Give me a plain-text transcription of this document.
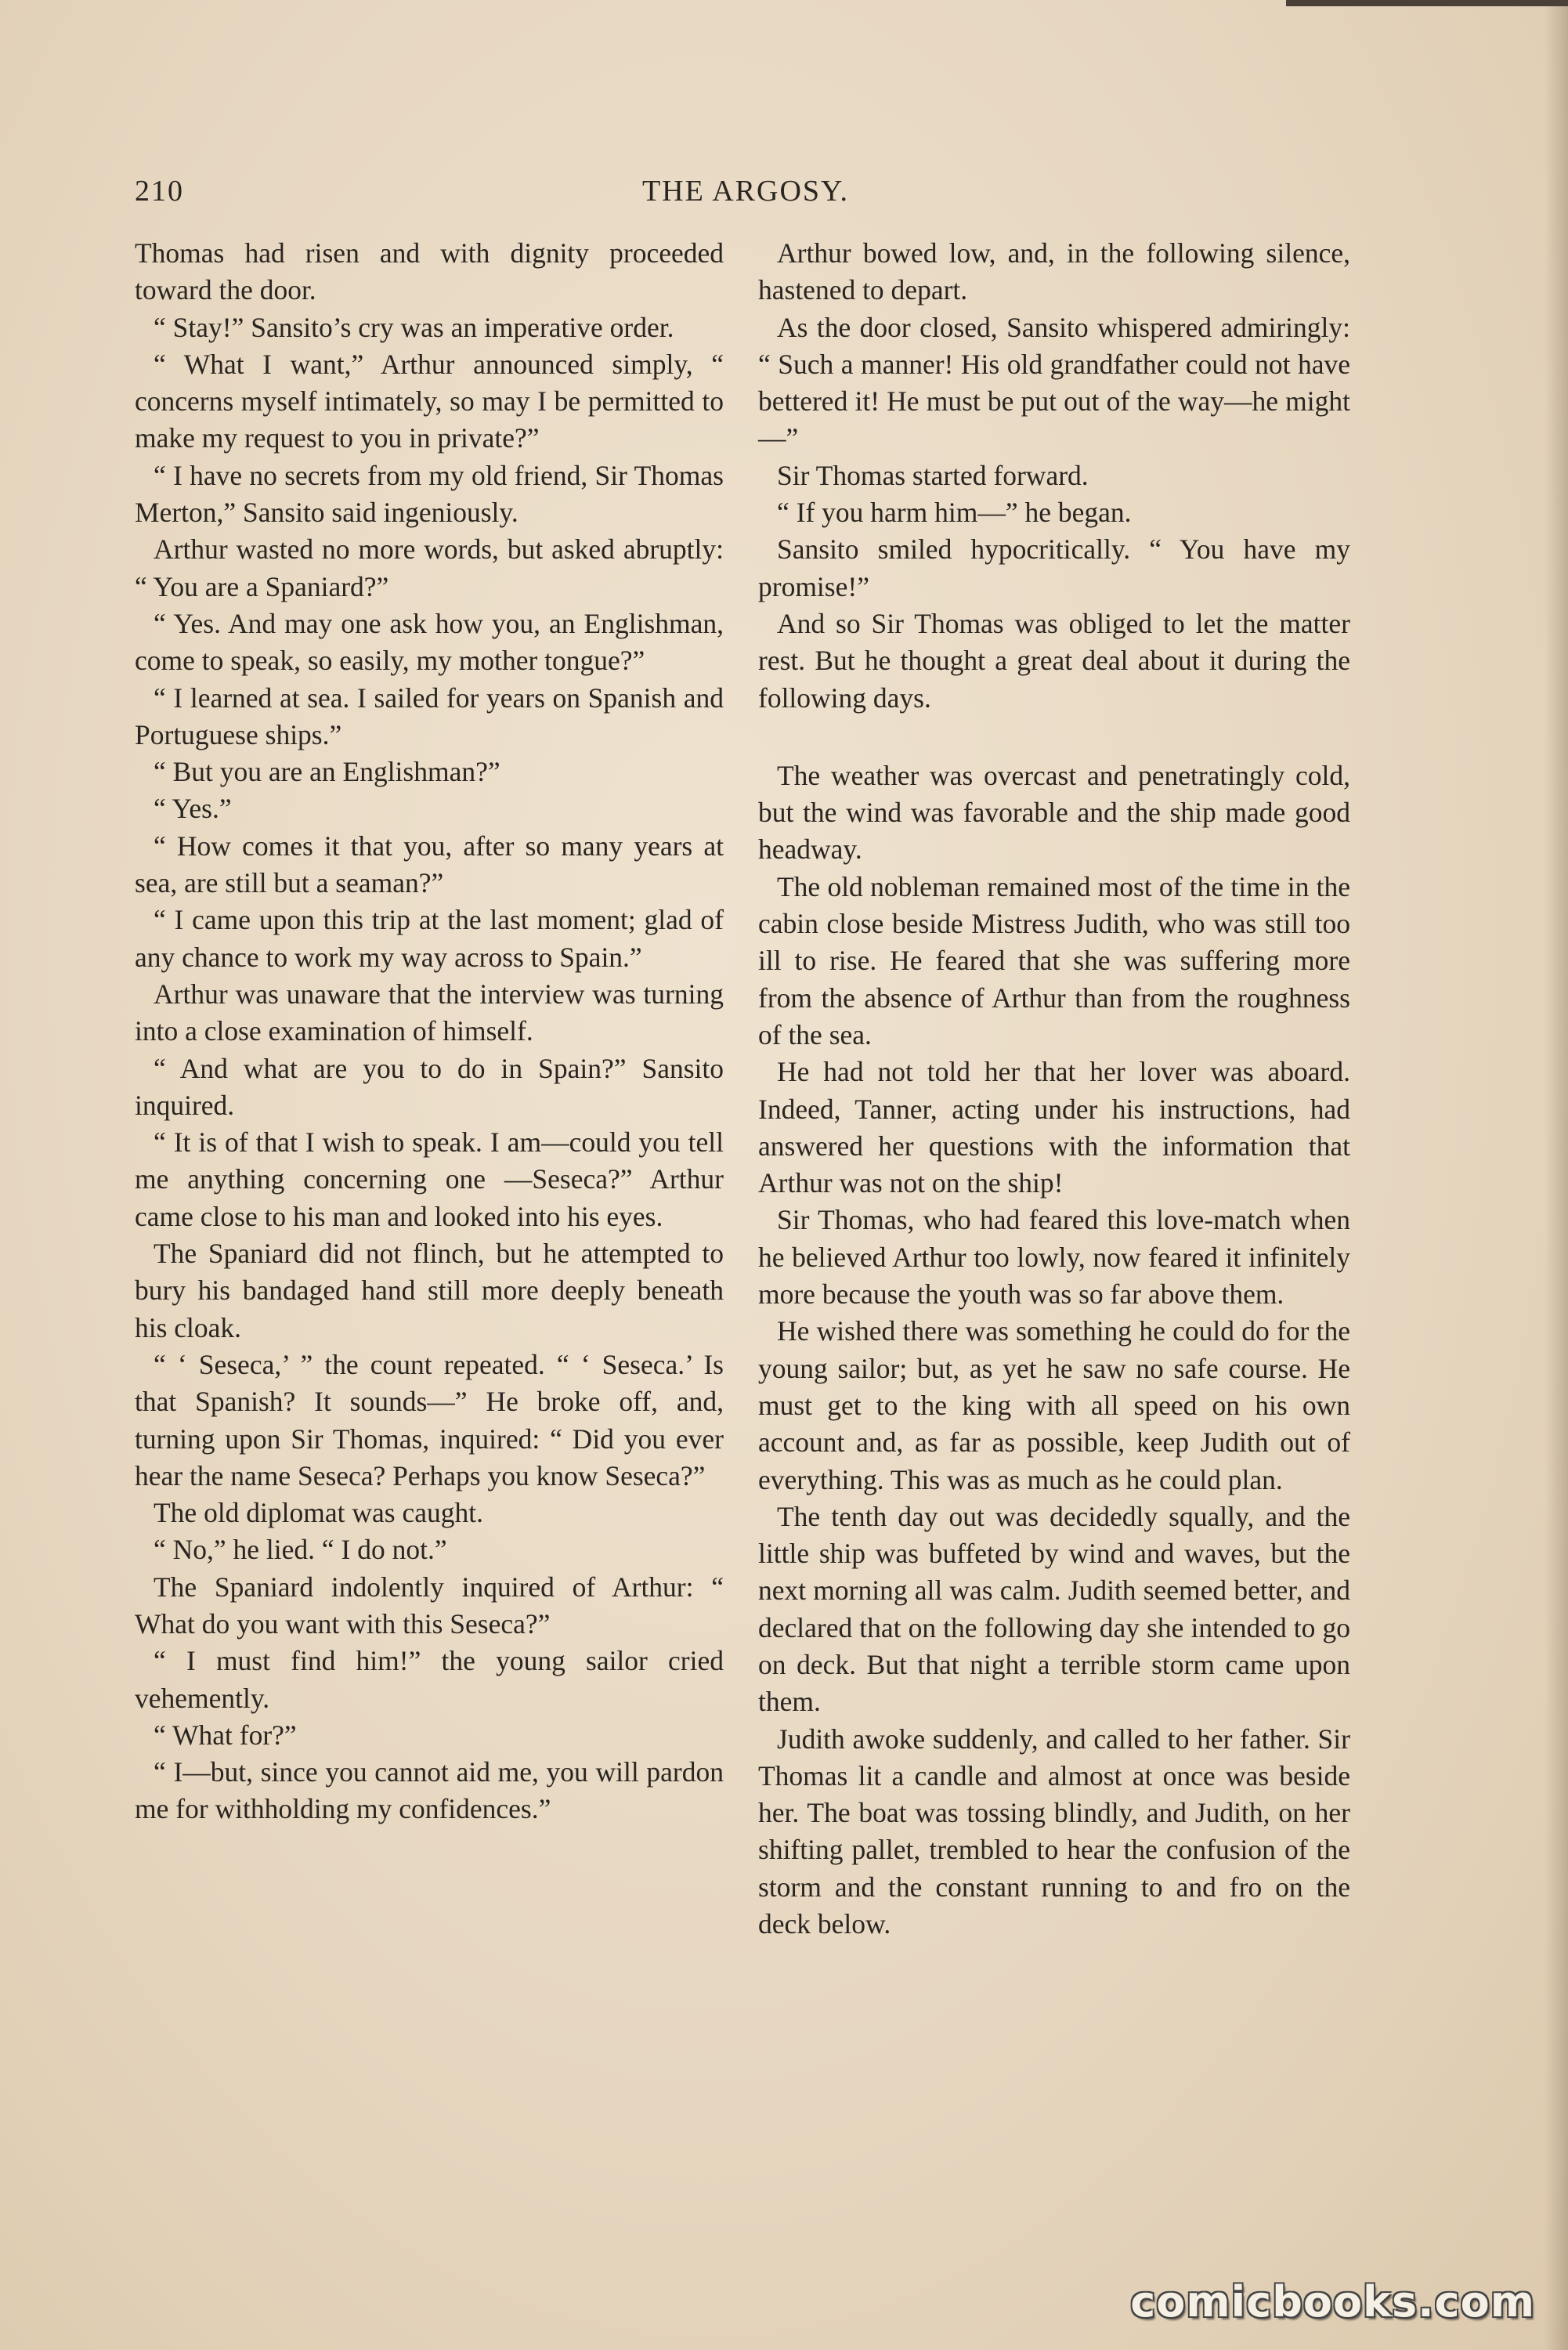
210	THE ARGOSY.

Thomas had risen and with dignity proceeded toward the door.

“ Stay!” Sansito’s cry was an imperative order.

“ What I want,” Arthur announced simply, “ concerns myself intimately, so may I be permitted to make my request to you in private?”

“ I have no secrets from my old friend, Sir Thomas Merton,” Sansito said ingeniously.

Arthur wasted no more words, but asked abruptly: “ You are a Spaniard?”

“ Yes. And may one ask how you, an Englishman, come to speak, so easily, my mother tongue?”

“ I learned at sea. I sailed for years on Spanish and Portuguese ships.”

“ But you are an Englishman?”

“ Yes.”

“ How comes it that you, after so many years at sea, are still but a seaman?”

“ I came upon this trip at the last moment; glad of any chance to work my way across to Spain.”

Arthur was unaware that the interview was turning into a close examination of himself.

“ And what are you to do in Spain?” Sansito inquired.

“ It is of that I wish to speak. I am—could you tell me anything concerning one —Seseca?” Arthur came close to his man and looked into his eyes.

The Spaniard did not flinch, but he attempted to bury his bandaged hand still more deeply beneath his cloak.

“ ‘ Seseca,’ ” the count repeated. “ ‘ Seseca.’ Is that Spanish? It sounds—” He broke off, and, turning upon Sir Thomas, inquired: “ Did you ever hear the name Seseca? Perhaps you know Seseca?”

The old diplomat was caught.

“ No,” he lied. “ I do not.”

The Spaniard indolently inquired of Arthur: “ What do you want with this Seseca?”

“ I must find him!” the young sailor cried vehemently.

“ What for?”

“ I—but, since you cannot aid me, you will pardon me for withholding my confidences.”

Arthur bowed low, and, in the following silence, hastened to depart.

As the door closed, Sansito whispered admiringly: “ Such a manner! His old grandfather could not have bettered it! He must be put out of the way—he might—”

Sir Thomas started forward.

“ If you harm him—” he began.

Sansito smiled hypocritically. “ You have my promise!”

And so Sir Thomas was obliged to let the matter rest. But he thought a great deal about it during the following days.

The weather was overcast and penetratingly cold, but the wind was favorable and the ship made good headway.

The old nobleman remained most of the time in the cabin close beside Mistress Judith, who was still too ill to rise. He feared that she was suffering more from the absence of Arthur than from the roughness of the sea.

He had not told her that her lover was aboard. Indeed, Tanner, acting under his instructions, had answered her questions with the information that Arthur was not on the ship!

Sir Thomas, who had feared this love-match when he believed Arthur too lowly, now feared it infinitely more because the youth was so far above them.

He wished there was something he could do for the young sailor; but, as yet he saw no safe course. He must get to the king with all speed on his own account and, as far as possible, keep Judith out of everything. This was as much as he could plan.

The tenth day out was decidedly squally, and the little ship was buffeted by wind and waves, but the next morning all was calm. Judith seemed better, and declared that on the following day she intended to go on deck. But that night a terrible storm came upon them.

Judith awoke suddenly, and called to her father. Sir Thomas lit a candle and almost at once was beside her. The boat was tossing blindly, and Judith, on her shifting pallet, trembled to hear the confusion of the storm and the constant running to and fro on the deck below.

comicbooks.com
